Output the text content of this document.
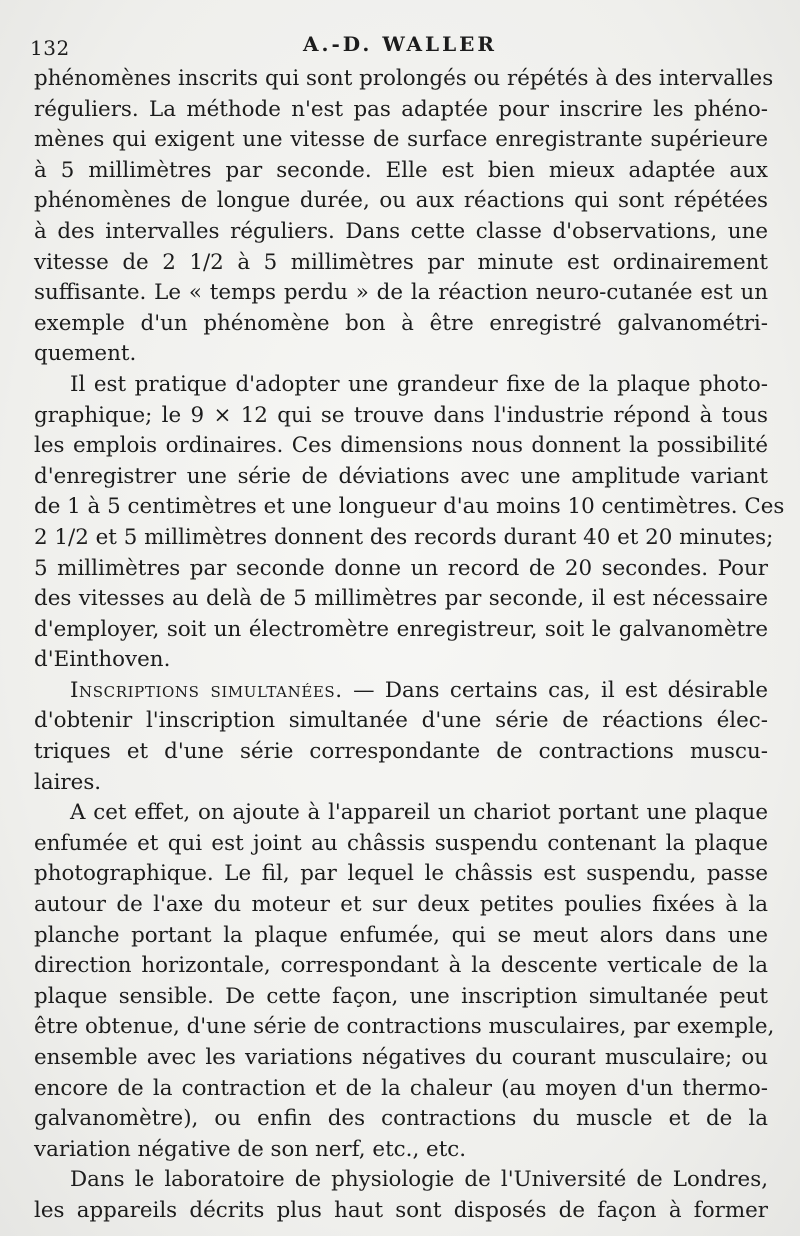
132	A.-D. WALLER

phénomènes inscrits qui sont prolongés ou répétés à des intervalles
réguliers. La méthode n'est pas adaptée pour inscrire les phéno-
mènes qui exigent une vitesse de surface enregistrante supérieure
à 5 millimètres par seconde. Elle est bien mieux adaptée aux
phénomènes de longue durée, ou aux réactions qui sont répétées
à des intervalles réguliers. Dans cette classe d'observations, une
vitesse de 2 1/2 à 5 millimètres par minute est ordinairement
suffisante. Le « temps perdu » de la réaction neuro-cutanée est un
exemple d'un phénomène bon à être enregistré galvanométri-
quement.

Il est pratique d'adopter une grandeur fixe de la plaque photo-
graphique; le 9 × 12 qui se trouve dans l'industrie répond à tous
les emplois ordinaires. Ces dimensions nous donnent la possibilité
d'enregistrer une série de déviations avec une amplitude variant
de 1 à 5 centimètres et une longueur d'au moins 10 centimètres. Ces
2 1/2 et 5 millimètres donnent des records durant 40 et 20 minutes;
5 millimètres par seconde donne un record de 20 secondes. Pour
des vitesses au delà de 5 millimètres par seconde, il est nécessaire
d'employer, soit un électromètre enregistreur, soit le galvanomètre
d'Einthoven.

Inscriptions simultanées. — Dans certains cas, il est désirable
d'obtenir l'inscription simultanée d'une série de réactions élec-
triques et d'une série correspondante de contractions muscu-
laires.

A cet effet, on ajoute à l'appareil un chariot portant une plaque
enfumée et qui est joint au châssis suspendu contenant la plaque
photographique. Le fil, par lequel le châssis est suspendu, passe
autour de l'axe du moteur et sur deux petites poulies fixées à la
planche portant la plaque enfumée, qui se meut alors dans une
direction horizontale, correspondant à la descente verticale de la
plaque sensible. De cette façon, une inscription simultanée peut
être obtenue, d'une série de contractions musculaires, par exemple,
ensemble avec les variations négatives du courant musculaire; ou
encore de la contraction et de la chaleur (au moyen d'un thermo-
galvanomètre), ou enfin des contractions du muscle et de la
variation négative de son nerf, etc., etc.

Dans le laboratoire de physiologie de l'Université de Londres,
les appareils décrits plus haut sont disposés de façon à former
